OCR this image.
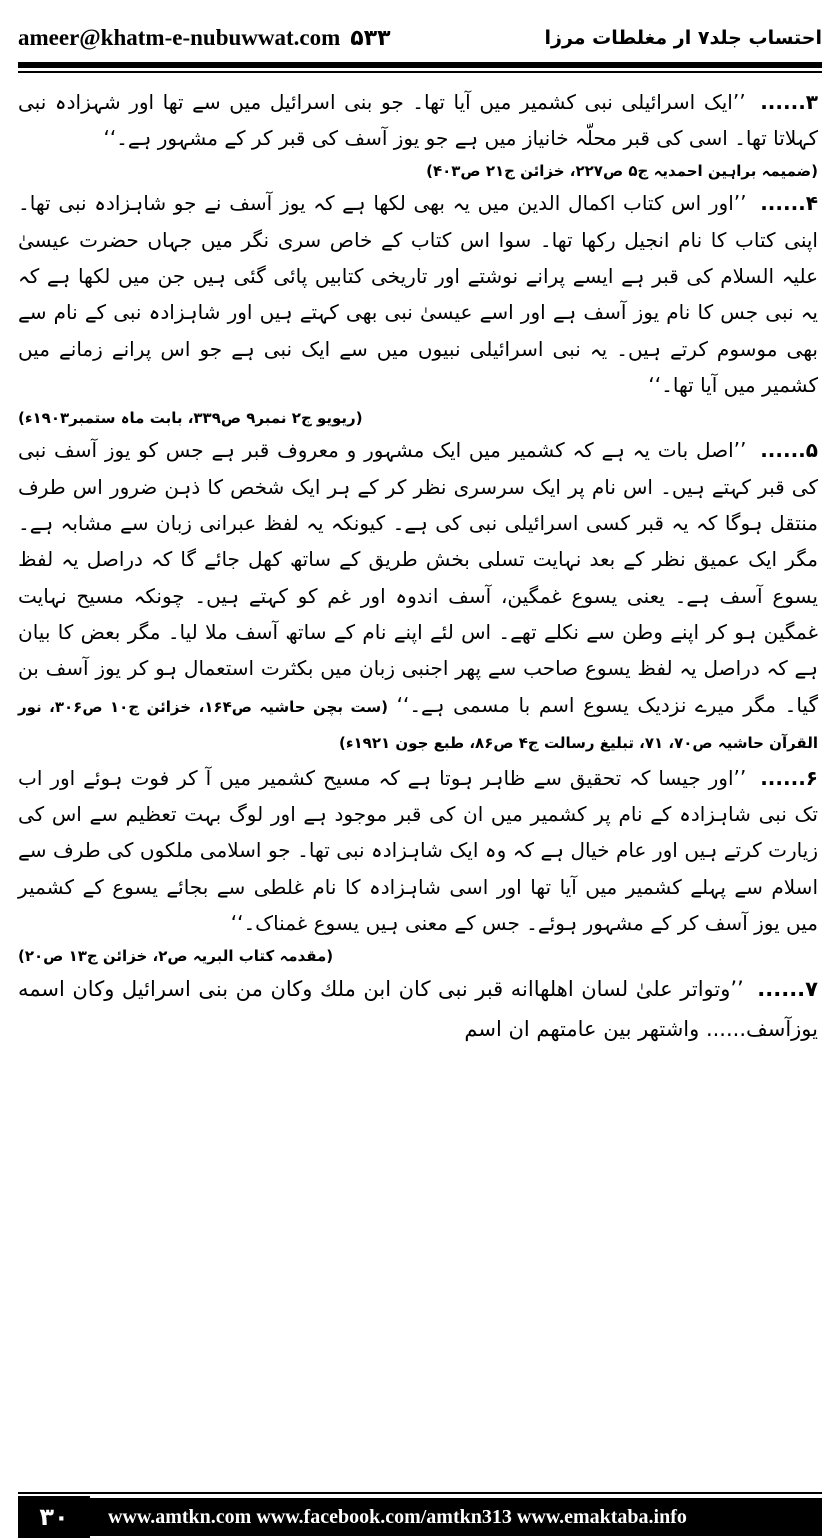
ameer@khatm-e-nubuwwat.com ۵۳۳	احتساب جلد۷ ار مغلطات مرزا

۳...... ’’ایک اسرائیلی نبی کشمیر میں آیا تھا۔ جو بنی اسرائیل میں سے تھا اور شہزادہ نبی کہلاتا تھا۔ اسی کی قبر محلّہ خانیاز میں ہے جو یوز آسف کی قبر کر کے مشہور ہے۔‘‘

(ضمیمہ براہین احمدیہ ج۵ ص۲۲۷، خزائن ج۲۱ ص۴۰۳)

۴...... ’’اور اس کتاب اکمال الدین میں یہ بھی لکھا ہے کہ یوز آسف نے جو شاہزادہ نبی تھا۔ اپنی کتاب کا نام انجیل رکھا تھا۔ سوا اس کتاب کے خاص سری نگر میں جہاں حضرت عیسیٰ علیہ السلام کی قبر ہے ایسے پرانے نوشتے اور تاریخی کتابیں پائی گئی ہیں جن میں لکھا ہے کہ یہ نبی جس کا نام یوز آسف ہے اور اسے عیسیٰ نبی بھی کہتے ہیں اور شاہزادہ نبی کے نام سے بھی موسوم کرتے ہیں۔ یہ نبی اسرائیلی نبیوں میں سے ایک نبی ہے جو اس پرانے زمانے میں کشمیر میں آیا تھا۔‘‘

(ریویو ج۲ نمبر۹ ص۳۳۹، بابت ماہ ستمبر۱۹۰۳ء)

۵...... ’’اصل بات یہ ہے کہ کشمیر میں ایک مشہور و معروف قبر ہے جس کو یوز آسف نبی کی قبر کہتے ہیں۔ اس نام پر ایک سرسری نظر کر کے ہر ایک شخص کا ذہن ضرور اس طرف منتقل ہوگا کہ یہ قبر کسی اسرائیلی نبی کی ہے۔ کیونکہ یہ لفظ عبرانی زبان سے مشابہ ہے۔ مگر ایک عمیق نظر کے بعد نہایت تسلی بخش طریق کے ساتھ کھل جائے گا کہ دراصل یہ لفظ یسوع آسف ہے۔ یعنی یسوع غمگین، آسف اندوہ اور غم کو کہتے ہیں۔ چونکہ مسیح نہایت غمگین ہو کر اپنے وطن سے نکلے تھے۔ اس لئے اپنے نام کے ساتھ آسف ملا لیا۔ مگر بعض کا بیان ہے کہ دراصل یہ لفظ یسوع صاحب سے پھر اجنبی زبان میں بکثرت استعمال ہو کر یوز آسف بن گیا۔ مگر میرے نزدیک یسوع اسم با مسمی ہے۔‘‘ (ست بچن حاشیہ ص۱۶۴، خزائن ج۱۰ ص۳۰۶، نور القرآن حاشیہ ص۷۰، ۷۱، تبلیغ رسالت ج۴ ص۸۶، طبع جون ۱۹۲۱ء)

۶...... ’’اور جیسا کہ تحقیق سے ظاہر ہوتا ہے کہ مسیح کشمیر میں آ کر فوت ہوئے اور اب تک نبی شاہزادہ کے نام پر کشمیر میں ان کی قبر موجود ہے اور لوگ بہت تعظیم سے اس کی زیارت کرتے ہیں اور عام خیال ہے کہ وہ ایک شاہزادہ نبی تھا۔ جو اسلامی ملکوں کی طرف سے اسلام سے پہلے کشمیر میں آیا تھا اور اسی شاہزادہ کا نام غلطی سے بجائے یسوع کے کشمیر میں یوز آسف کر کے مشہور ہوئے۔ جس کے معنی ہیں یسوع غمناک۔‘‘

(مقدمہ کتاب البریہ ص۲، خزائن ج۱۳ ص۲۰)

۷...... ’’وتواتر علیٰ لسان اهلهاانه قبر نبی کان ابن ملك وکان من بنی اسرائیل وکان اسمه یوزآسف...... واشتهر بین عامتهم ان اسم

۳۰	www.amtkn.com www.facebook.com/amtkn313 www.emaktaba.info
